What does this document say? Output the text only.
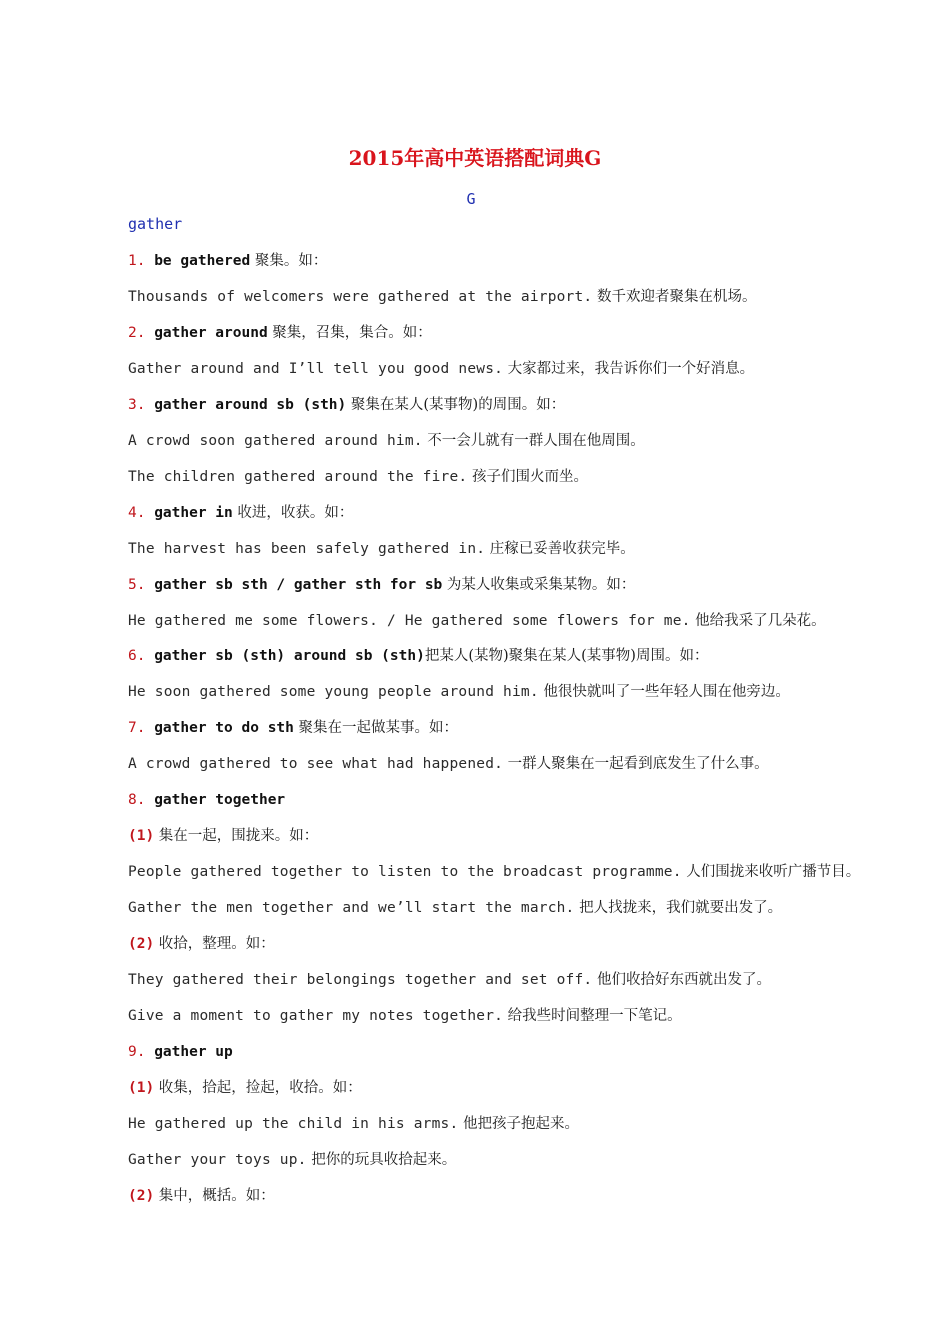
2015年高中英语搭配词典G
G
gather
1. be gathered 聚集。如：
Thousands of welcomers were gathered at the airport. 数千欢迎者聚集在机场。
2. gather around 聚集，召集，集合。如：
Gather around and I’ll tell you good news. 大家都过来，我告诉你们一个好消息。
3. gather around sb (sth) 聚集在某人(某事物)的周围。如：
A crowd soon gathered around him. 不一会儿就有一群人围在他周围。
The children gathered around the fire. 孩子们围火而坐。
4. gather in 收进，收获。如：
The harvest has been safely gathered in. 庄稼已妥善收获完毕。
5. gather sb sth / gather sth for sb 为某人收集或采集某物。如：
He gathered me some flowers. / He gathered some flowers for me. 他给我采了几朵花。
6. gather sb (sth) around sb (sth)把某人(某物)聚集在某人(某事物)周围。如：
He soon gathered some young people around him. 他很快就叫了一些年轻人围在他旁边。
7. gather to do sth 聚集在一起做某事。如：
A crowd gathered to see what had happened. 一群人聚集在一起看到底发生了什么事。
8. gather together
(1) 集在一起，围拢来。如：
People gathered together to listen to the broadcast programme. 人们围拢来收听广播节目。
Gather the men together and we’ll start the march. 把人找拢来，我们就要出发了。
(2) 收拾，整理。如：
They gathered their belongings together and set off. 他们收拾好东西就出发了。
Give a moment to gather my notes together. 给我些时间整理一下笔记。
9. gather up
(1) 收集，拾起，捡起，收拾。如：
He gathered up the child in his arms. 他把孩子抱起来。
Gather your toys up. 把你的玩具收拾起来。
(2) 集中，概括。如：
